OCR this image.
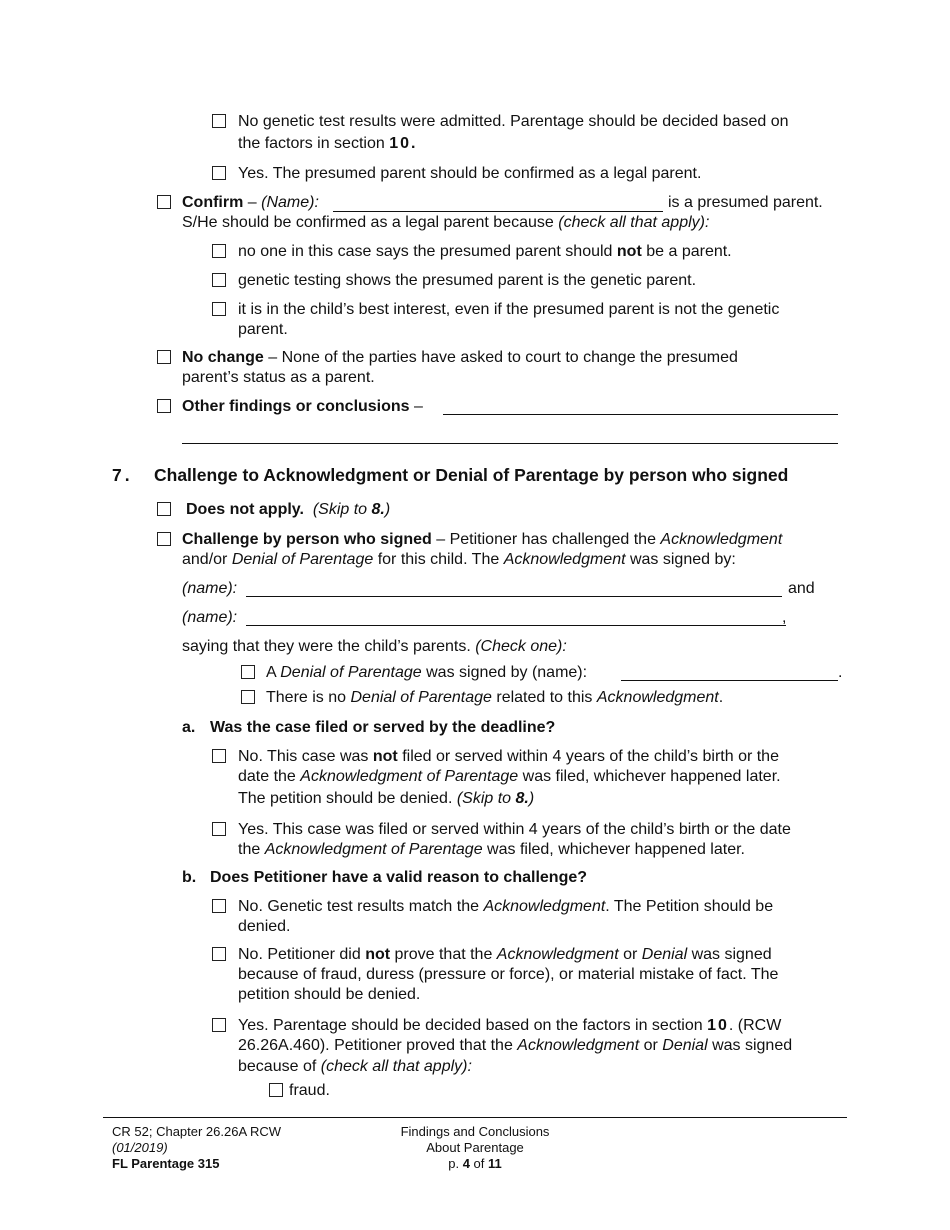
No genetic test results were admitted. Parentage should be decided based on
the factors in section 10.
Yes. The presumed parent should be confirmed as a legal parent.
Confirm – (Name):	is a presumed parent.
S/He should be confirmed as a legal parent because (check all that apply):
no one in this case says the presumed parent should not be a parent.
genetic testing shows the presumed parent is the genetic parent.
it is in the child’s best interest, even if the presumed parent is not the genetic
parent.
No change – None of the parties have asked to court to change the presumed
parent’s status as a parent.
Other findings or conclusions –
7. Challenge to Acknowledgment or Denial of Parentage by person who signed
Does not apply. (Skip to 8.)
Challenge by person who signed – Petitioner has challenged the Acknowledgment
and/or Denial of Parentage for this child. The Acknowledgment was signed by:
(name):	and
(name):	,
saying that they were the child’s parents. (Check one):
A Denial of Parentage was signed by (name):	.
There is no Denial of Parentage related to this Acknowledgment.
a. Was the case filed or served by the deadline?
No. This case was not filed or served within 4 years of the child’s birth or the
date the Acknowledgment of Parentage was filed, whichever happened later.
The petition should be denied. (Skip to 8.)
Yes. This case was filed or served within 4 years of the child’s birth or the date
the Acknowledgment of Parentage was filed, whichever happened later.
b. Does Petitioner have a valid reason to challenge?
No. Genetic test results match the Acknowledgment. The Petition should be
denied.
No. Petitioner did not prove that the Acknowledgment or Denial was signed
because of fraud, duress (pressure or force), or material mistake of fact. The
petition should be denied.
Yes. Parentage should be decided based on the factors in section 10. (RCW
26.26A.460). Petitioner proved that the Acknowledgment or Denial was signed
because of (check all that apply):
fraud.
CR 52; Chapter 26.26A RCW
(01/2019)
FL Parentage 315
Findings and Conclusions
About Parentage
p. 4 of 11
